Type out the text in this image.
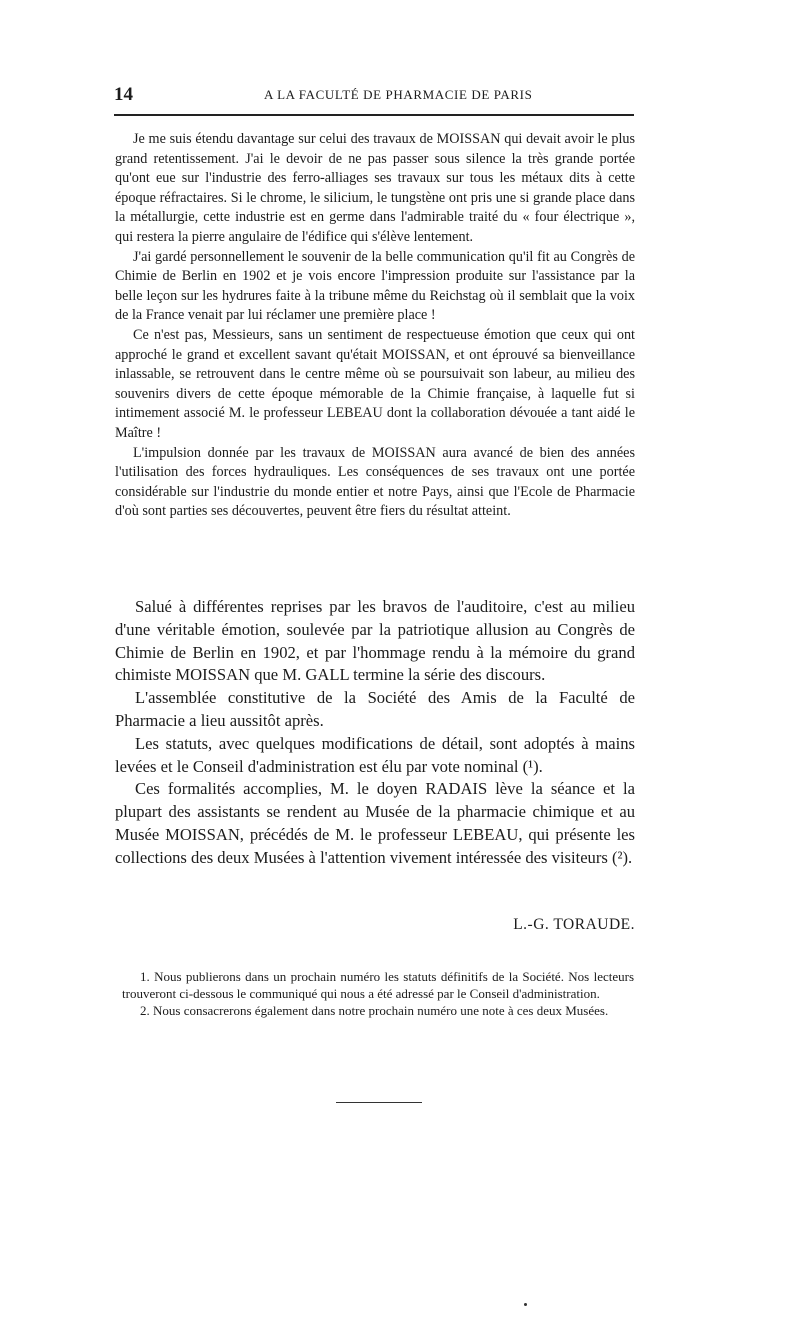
14	A LA FACULTÉ DE PHARMACIE DE PARIS

Je me suis étendu davantage sur celui des travaux de MOISSAN qui devait avoir le plus grand retentissement. J'ai le devoir de ne pas passer sous silence la très grande portée qu'ont eue sur l'industrie des ferro-alliages ses travaux sur tous les métaux dits à cette époque réfractaires. Si le chrome, le silicium, le tungstène ont pris une si grande place dans la métallurgie, cette industrie est en germe dans l'admirable traité du « four électrique », qui restera la pierre angulaire de l'édifice qui s'élève lentement.

J'ai gardé personnellement le souvenir de la belle communication qu'il fit au Congrès de Chimie de Berlin en 1902 et je vois encore l'impression produite sur l'assistance par la belle leçon sur les hydrures faite à la tribune même du Reichstag où il semblait que la voix de la France venait par lui réclamer une première place !

Ce n'est pas, Messieurs, sans un sentiment de respectueuse émotion que ceux qui ont approché le grand et excellent savant qu'était MOISSAN, et ont éprouvé sa bienveillance inlassable, se retrouvent dans le centre même où se poursuivait son labeur, au milieu des souvenirs divers de cette époque mémorable de la Chimie française, à laquelle fut si intimement associé M. le professeur LEBEAU dont la collaboration dévouée a tant aidé le Maître !

L'impulsion donnée par les travaux de MOISSAN aura avancé de bien des années l'utilisation des forces hydrauliques. Les conséquences de ses travaux ont une portée considérable sur l'industrie du monde entier et notre Pays, ainsi que l'Ecole de Pharmacie d'où sont parties ses découvertes, peuvent être fiers du résultat atteint.

Salué à différentes reprises par les bravos de l'auditoire, c'est au milieu d'une véritable émotion, soulevée par la patriotique allusion au Congrès de Chimie de Berlin en 1902, et par l'hommage rendu à la mémoire du grand chimiste MOISSAN que M. GALL termine la série des discours.

L'assemblée constitutive de la Société des Amis de la Faculté de Pharmacie a lieu aussitôt après.

Les statuts, avec quelques modifications de détail, sont adoptés à mains levées et le Conseil d'administration est élu par vote nominal (¹).

Ces formalités accomplies, M. le doyen RADAIS lève la séance et la plupart des assistants se rendent au Musée de la pharmacie chimique et au Musée MOISSAN, précédés de M. le professeur LEBEAU, qui présente les collections des deux Musées à l'attention vivement intéressée des visiteurs (²).

L.-G. TORAUDE.

1. Nous publierons dans un prochain numéro les statuts définitifs de la Société. Nos lecteurs trouveront ci-dessous le communiqué qui nous a été adressé par le Conseil d'administration.

2. Nous consacrerons également dans notre prochain numéro une note à ces deux Musées.
